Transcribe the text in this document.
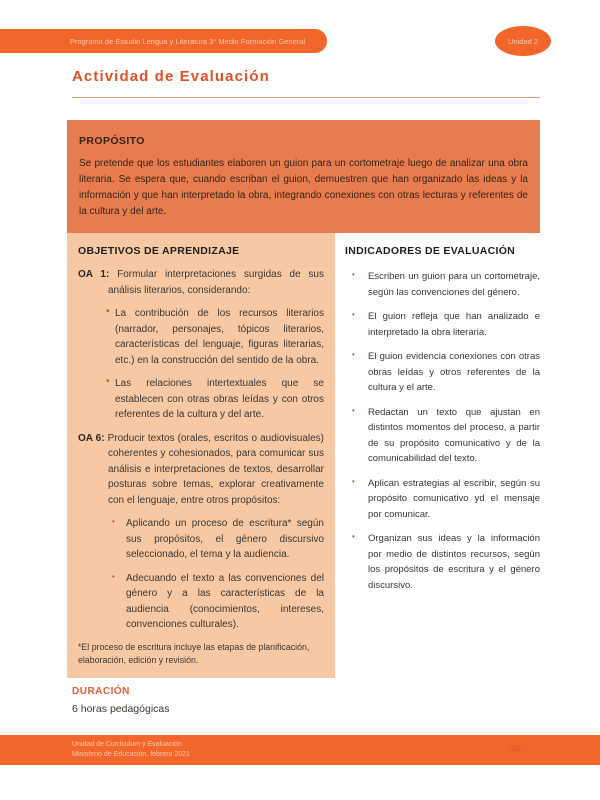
Programa de Estudio Lengua y Literatura 3° Medio Formación General	Unidad 2
Actividad de Evaluación
PROPÓSITO

Se pretende que los estudiantes elaboren un guion para un cortometraje luego de analizar una obra literaria. Se espera que, cuando escriban el guion, demuestren que han organizado las ideas y la información y que han interpretado la obra, integrando conexiones con otras lecturas y referentes de la cultura y del arte.

OBJETIVOS DE APRENDIZAJE

OA 1: Formular interpretaciones surgidas de sus análisis literarios, considerando:

• La contribución de los recursos literarios (narrador, personajes, tópicos literarios, características del lenguaje, figuras literarias, etc.) en la construcción del sentido de la obra.
• Las relaciones intertextuales que se establecen con otras obras leídas y con otros referentes de la cultura y del arte.

OA 6: Producir textos (orales, escritos o audiovisuales) coherentes y cohesionados, para comunicar sus análisis e interpretaciones de textos, desarrollar posturas sobre temas, explorar creativamente con el lenguaje, entre otros propósitos:

•	Aplicando un proceso de escritura* según sus propósitos, el género discursivo seleccionado, el tema y la audiencia.
•	Adecuando el texto a las convenciones del género y a las características de la audiencia (conocimientos, intereses, convenciones culturales).

*El proceso de escritura incluye las etapas de planificación, elaboración, edición y revisión.

INDICADORES DE EVALUACIÓN
•	Escriben un guion para un cortometraje, según las convenciones del género.
•	El guion refleja que han analizado e interpretado la obra literaria.
•	El guion evidencia conexiones con otras obras leídas y otros referentes de la cultura y el arte.
•	Redactan un texto que ajustan en distintos momentos del proceso, a partir de su propósito comunicativo y de la comunicabilidad del texto.
•	Aplican estrategias al escribir, según su propósito comunicativo yd el mensaje por comunicar.
•	Organizan sus ideas y la información por medio de distintos recursos, según los propósitos de escritura y el género discursivo.
DURACIÓN
6 horas pedagógicas
Unidad de Currículum y Evaluación
Ministerio de Educación, febrero 2021
100
